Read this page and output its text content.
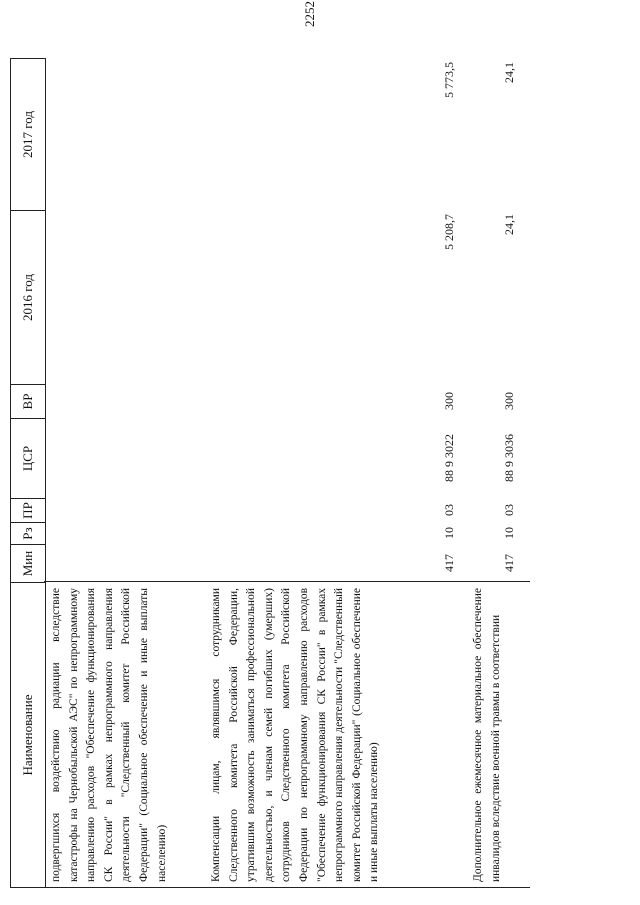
2252
Наименование
Мин
Рз
ПР
ЦСР
ВР
2016 год
2017 год
подвергшихся воздействию радиации вследствие катастрофы на Чернобыльской АЭС" по непрограммному направлению расходов "Обеспечение функционирования СК России" в рамках непрограммного направления деятельности "Следственный комитет Российской Федерации" (Социальное обеспечение и иные выплаты населению)	Компенсации лицам, являвшимся сотрудниками Следственного комитета Российской Федерации, утратившим возможность заниматься профессиональной деятельностью, и членам семей погибших (умерших) сотрудников Следственного комитета Российской Федерации по непрограммному направлению расходов "Обеспечение функционирования СК России" в рамках непрограммного направления деятельности "Следственный комитет Российской Федерации" (Социальное обеспечение и иные выплаты населению)
417
10
03
88 9 3022
300
5 208,7
5 773,5
Дополнительное ежемесячное материальное обеспечение инвалидов вследствие военной травмы в соответствии
417
10
03
88 9 3036
300
24,1
24,1
